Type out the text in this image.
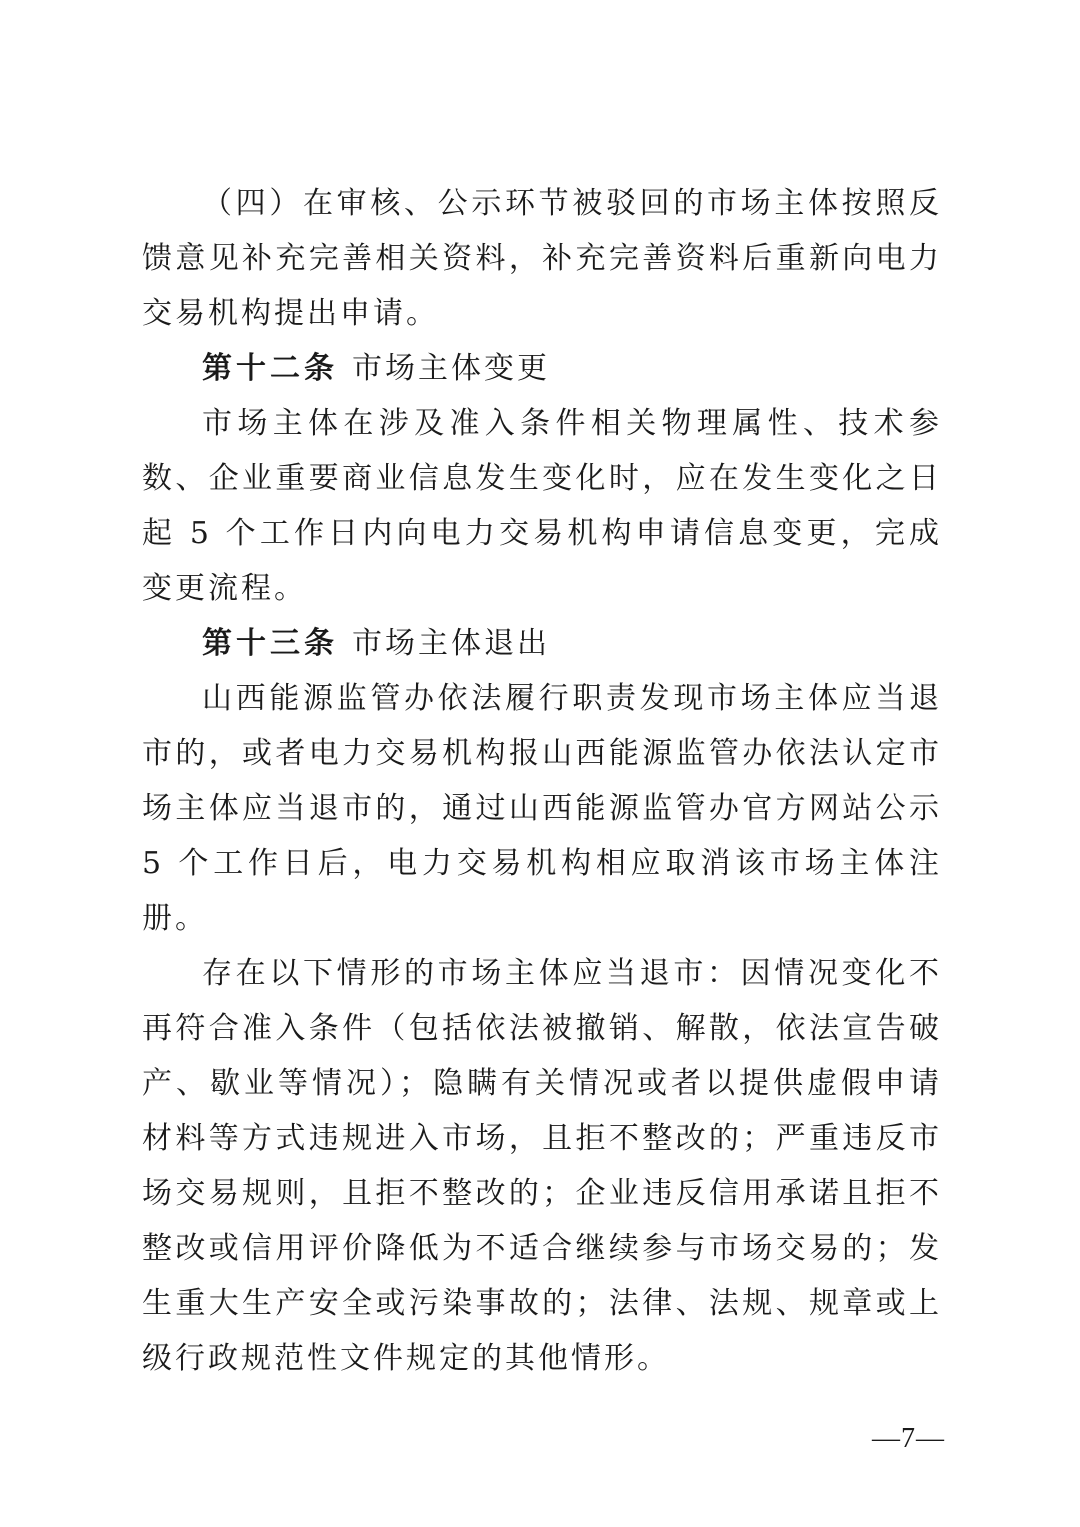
（四）在审核、公示环节被驳回的市场主体按照反馈意见补充完善相关资料，补充完善资料后重新向电力交易机构提出申请。

第十二条 市场主体变更

市场主体在涉及准入条件相关物理属性、技术参数、企业重要商业信息发生变化时，应在发生变化之日起 5 个工作日内向电力交易机构申请信息变更，完成变更流程。

第十三条 市场主体退出

山西能源监管办依法履行职责发现市场主体应当退市的，或者电力交易机构报山西能源监管办依法认定市场主体应当退市的，通过山西能源监管办官方网站公示 5 个工作日后，电力交易机构相应取消该市场主体注册。

存在以下情形的市场主体应当退市：因情况变化不再符合准入条件（包括依法被撤销、解散，依法宣告破产、歇业等情况）；隐瞒有关情况或者以提供虚假申请材料等方式违规进入市场，且拒不整改的；严重违反市场交易规则，且拒不整改的；企业违反信用承诺且拒不整改或信用评价降低为不适合继续参与市场交易的；发生重大生产安全或污染事故的；法律、法规、规章或上级行政规范性文件规定的其他情形。

—7—
